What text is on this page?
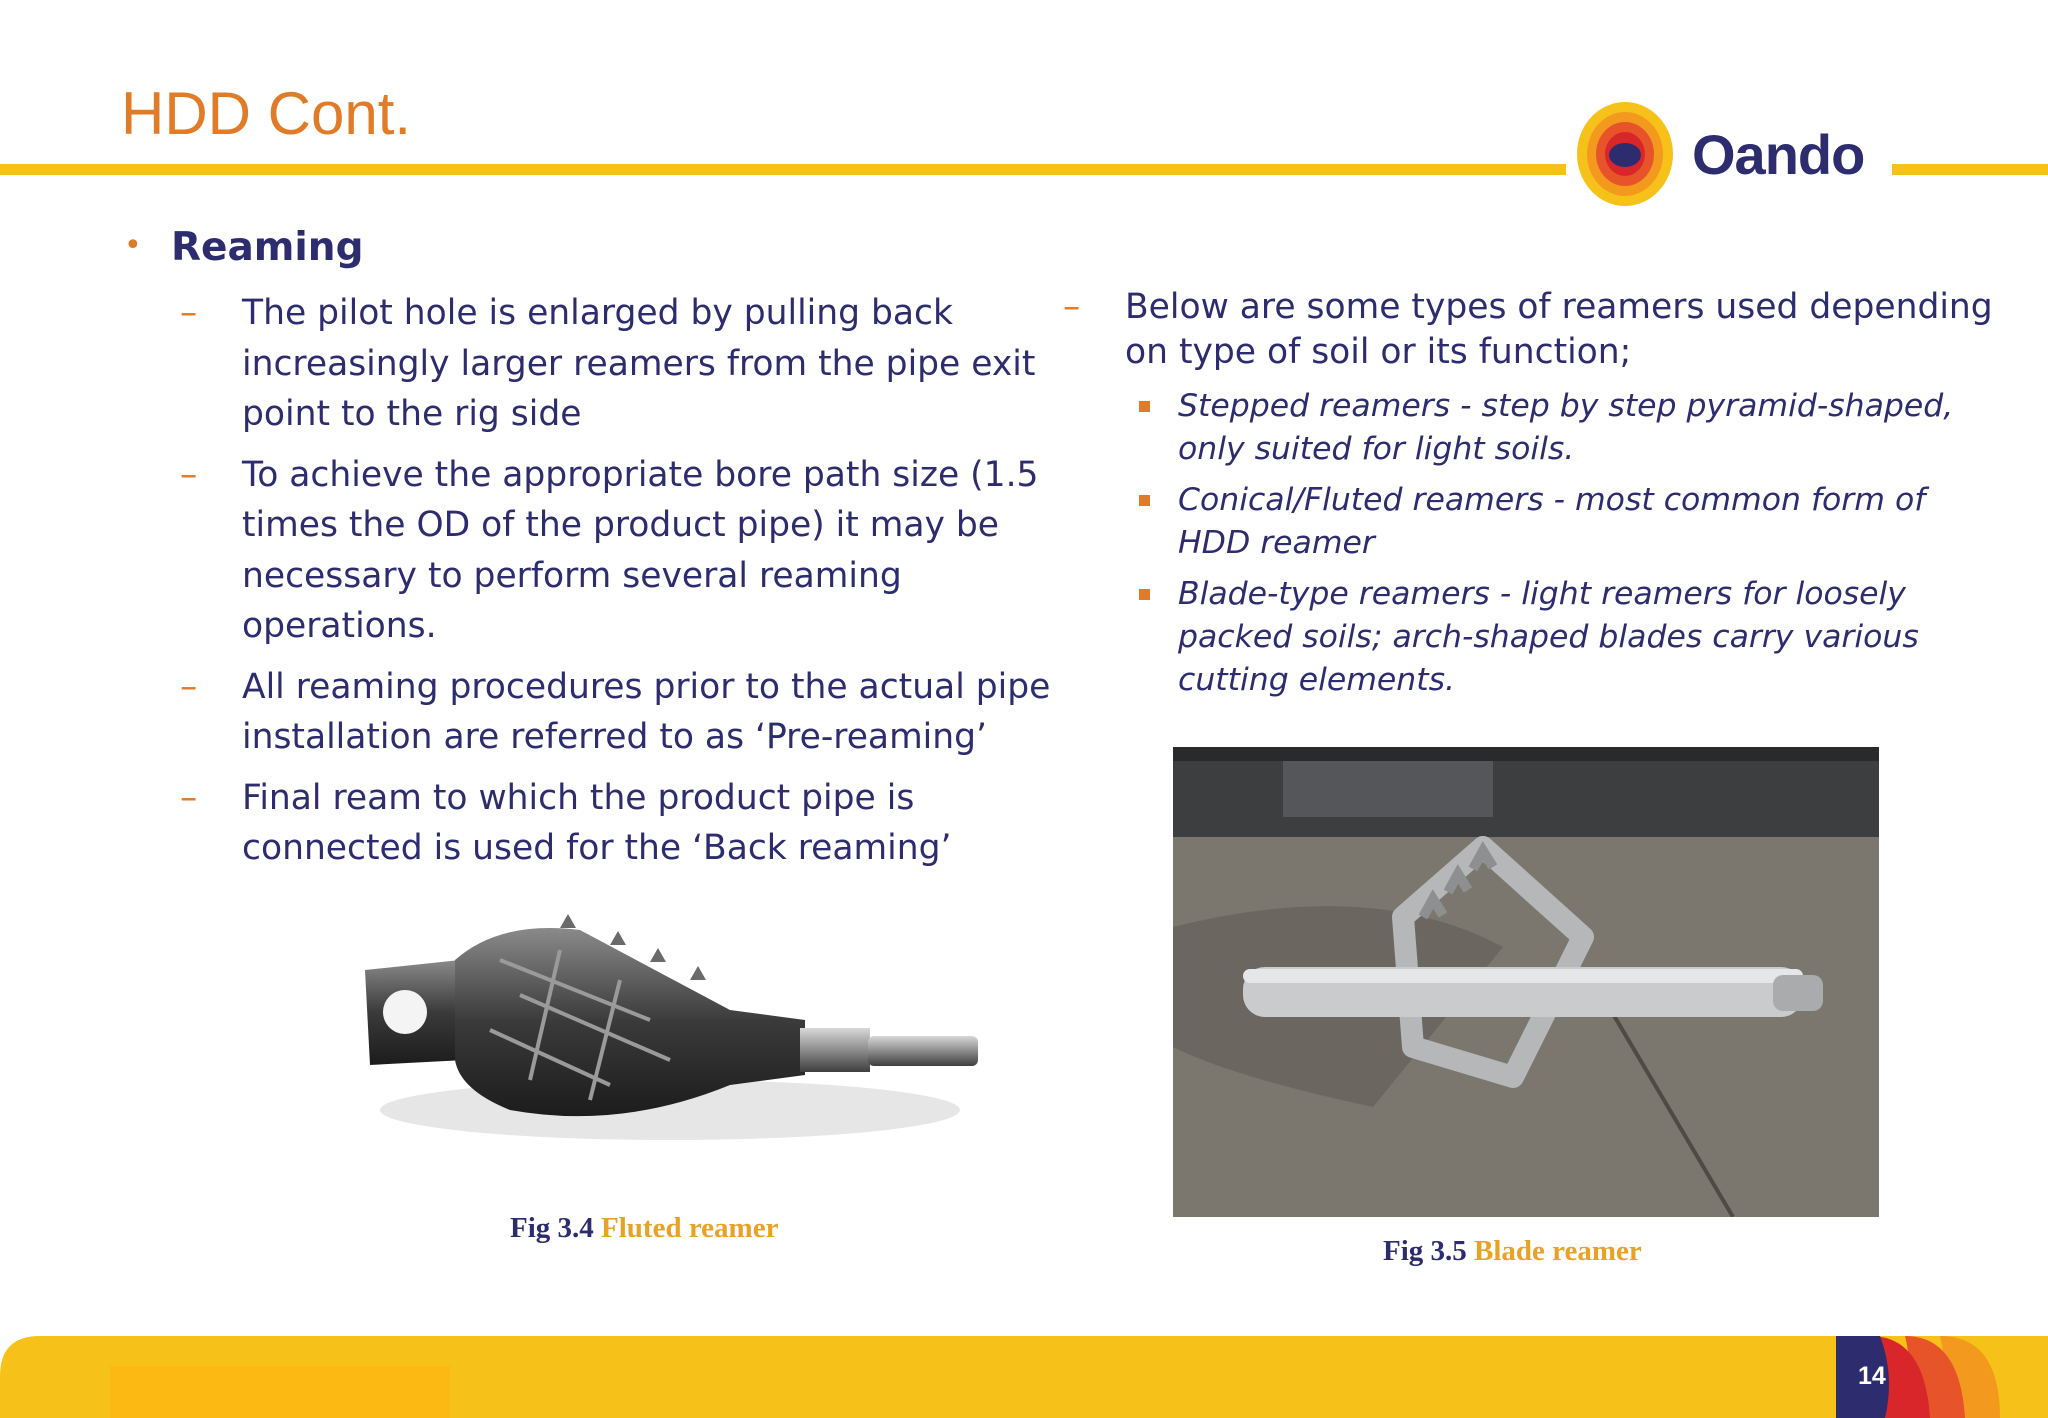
HDD Cont.
Oando
• Reaming
– The pilot hole is enlarged by pulling back increasingly larger reamers from the pipe exit point to the rig side
– To achieve the appropriate bore path size (1.5 times the OD of the product pipe) it may be necessary to perform several reaming operations.
– All reaming procedures prior to the actual pipe installation are referred to as ‘Pre-reaming’
– Final ream to which the product pipe is connected is used for the ‘Back reaming’
– Below are some types of reamers used depending on type of soil or its function;
Stepped reamers - step by step pyramid-shaped, only suited for light soils.
Conical/Fluted reamers - most common form of HDD reamer
Blade-type reamers - light reamers for loosely packed soils; arch-shaped blades carry various cutting elements.
Fig 3.4 Fluted reamer
Fig 3.5 Blade reamer
14
